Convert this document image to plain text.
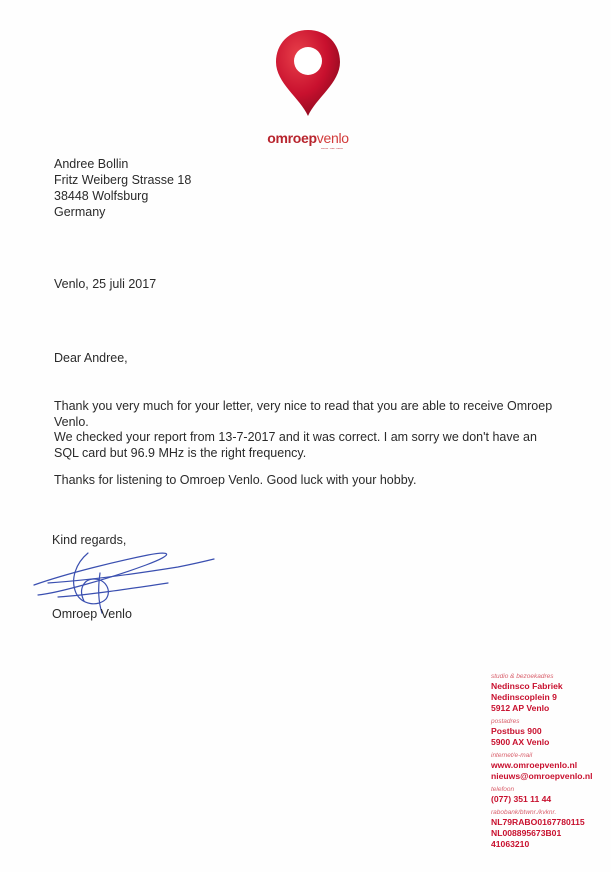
omroepvenlo
televisie · radio · internet
Andree Bollin
Fritz Weiberg Strasse 18
38448 Wolfsburg
Germany
Venlo, 25 juli 2017
Dear Andree,
Thank you very much for your letter, very nice to read that you are able to receive Omroep Venlo.
We checked your report from 13-7-2017 and it was correct. I am sorry we don't have an SQL card but 96.9 MHz is the right frequency.
Thanks for listening to Omroep Venlo. Good luck with your hobby.
Kind regards,
Omroep Venlo
studio & bezoekadres
Nedinsco Fabriek
Nedinscoplein 9
5912 AP Venlo
postadres
Postbus 900
5900 AX Venlo
internet/e-mail
www.omroepvenlo.nl
nieuws@omroepvenlo.nl
telefoon
(077) 351 11 44
rabobank/btwnr./kvknr.
NL79RABO0167780115
NL008895673B01
41063210
